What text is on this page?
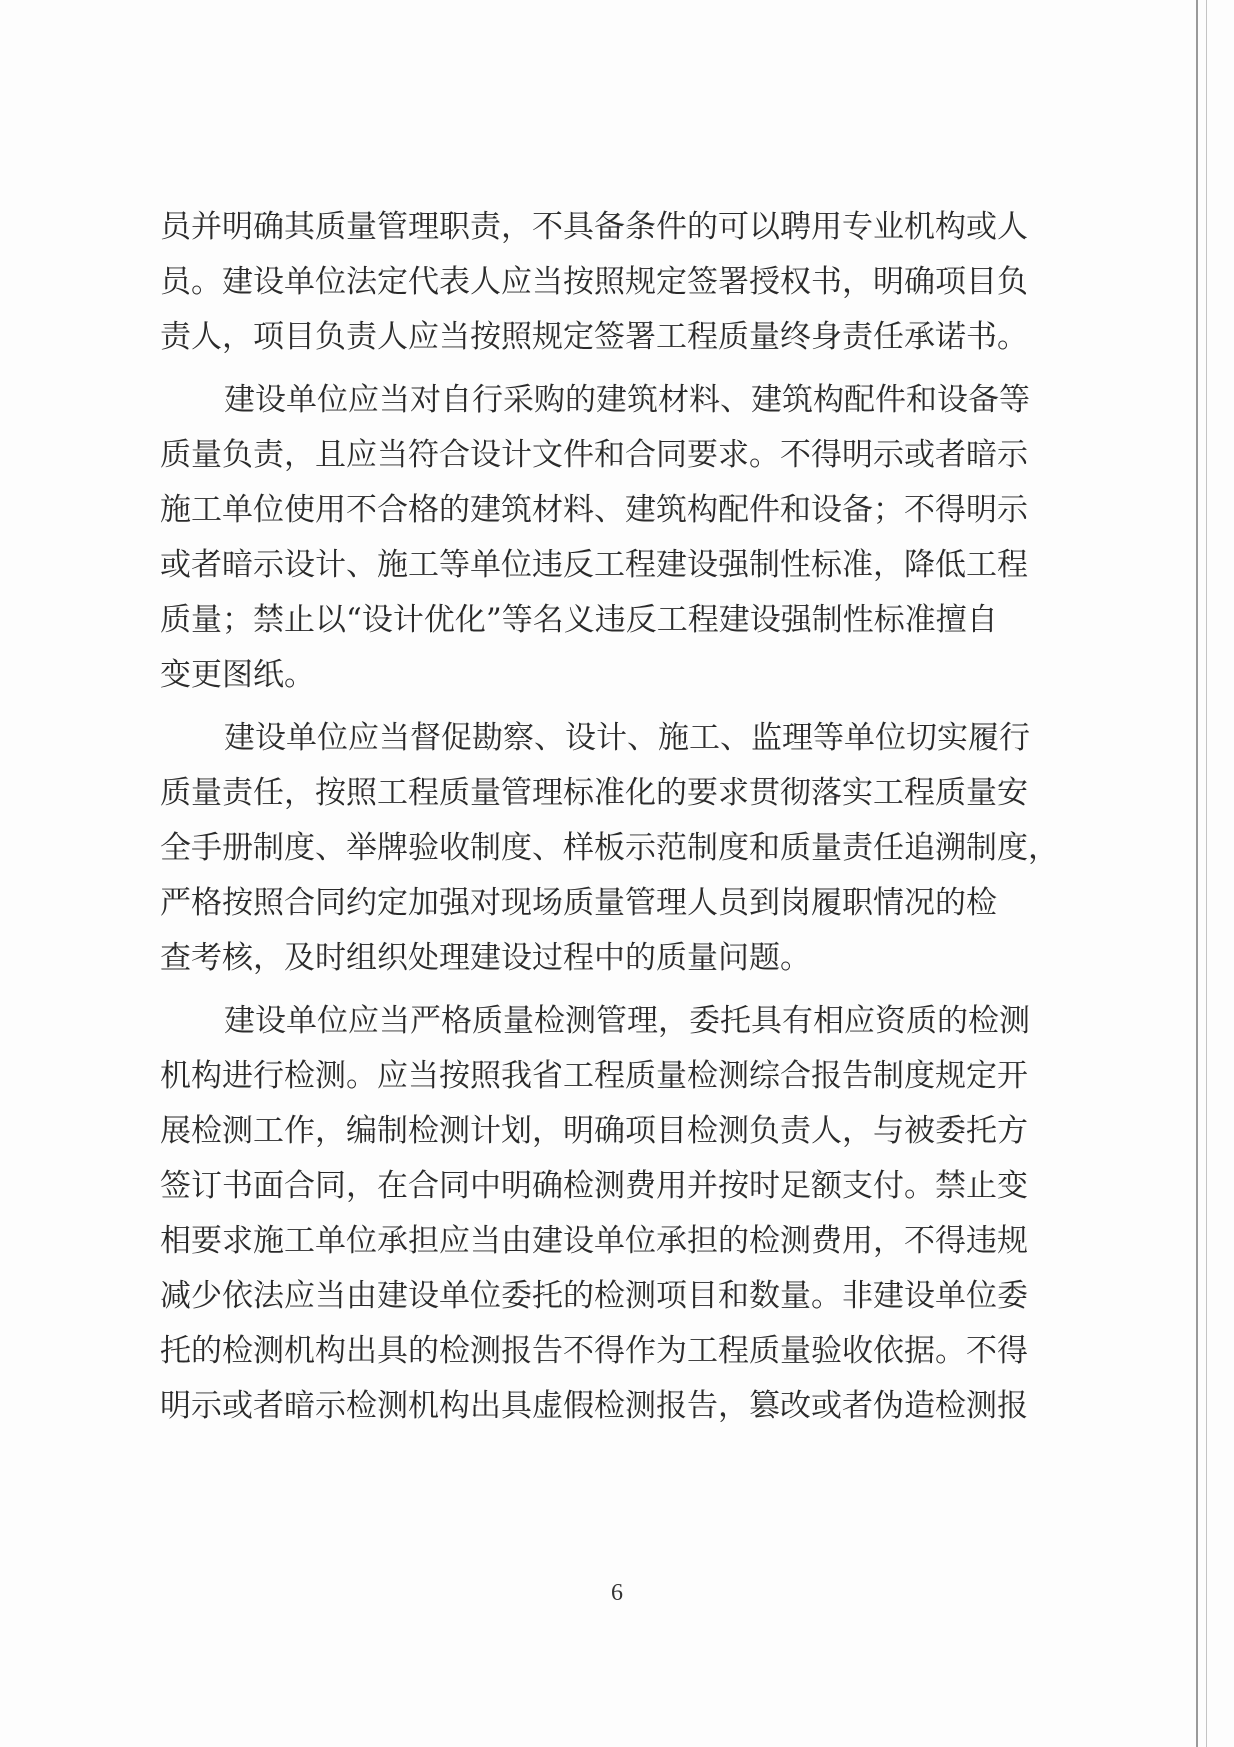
员并明确其质量管理职责，不具备条件的可以聘用专业机构或人
员。建设单位法定代表人应当按照规定签署授权书，明确项目负
责人，项目负责人应当按照规定签署工程质量终身责任承诺书。
建设单位应当对自行采购的建筑材料、建筑构配件和设备等
质量负责，且应当符合设计文件和合同要求。不得明示或者暗示
施工单位使用不合格的建筑材料、建筑构配件和设备；不得明示
或者暗示设计、施工等单位违反工程建设强制性标准，降低工程
质量；禁止以“设计优化”等名义违反工程建设强制性标准擅自
变更图纸。
建设单位应当督促勘察、设计、施工、监理等单位切实履行
质量责任，按照工程质量管理标准化的要求贯彻落实工程质量安
全手册制度、举牌验收制度、样板示范制度和质量责任追溯制度，
严格按照合同约定加强对现场质量管理人员到岗履职情况的检
查考核，及时组织处理建设过程中的质量问题。
建设单位应当严格质量检测管理，委托具有相应资质的检测
机构进行检测。应当按照我省工程质量检测综合报告制度规定开
展检测工作，编制检测计划，明确项目检测负责人，与被委托方
签订书面合同，在合同中明确检测费用并按时足额支付。禁止变
相要求施工单位承担应当由建设单位承担的检测费用，不得违规
减少依法应当由建设单位委托的检测项目和数量。非建设单位委
托的检测机构出具的检测报告不得作为工程质量验收依据。不得
明示或者暗示检测机构出具虚假检测报告，篡改或者伪造检测报
6
